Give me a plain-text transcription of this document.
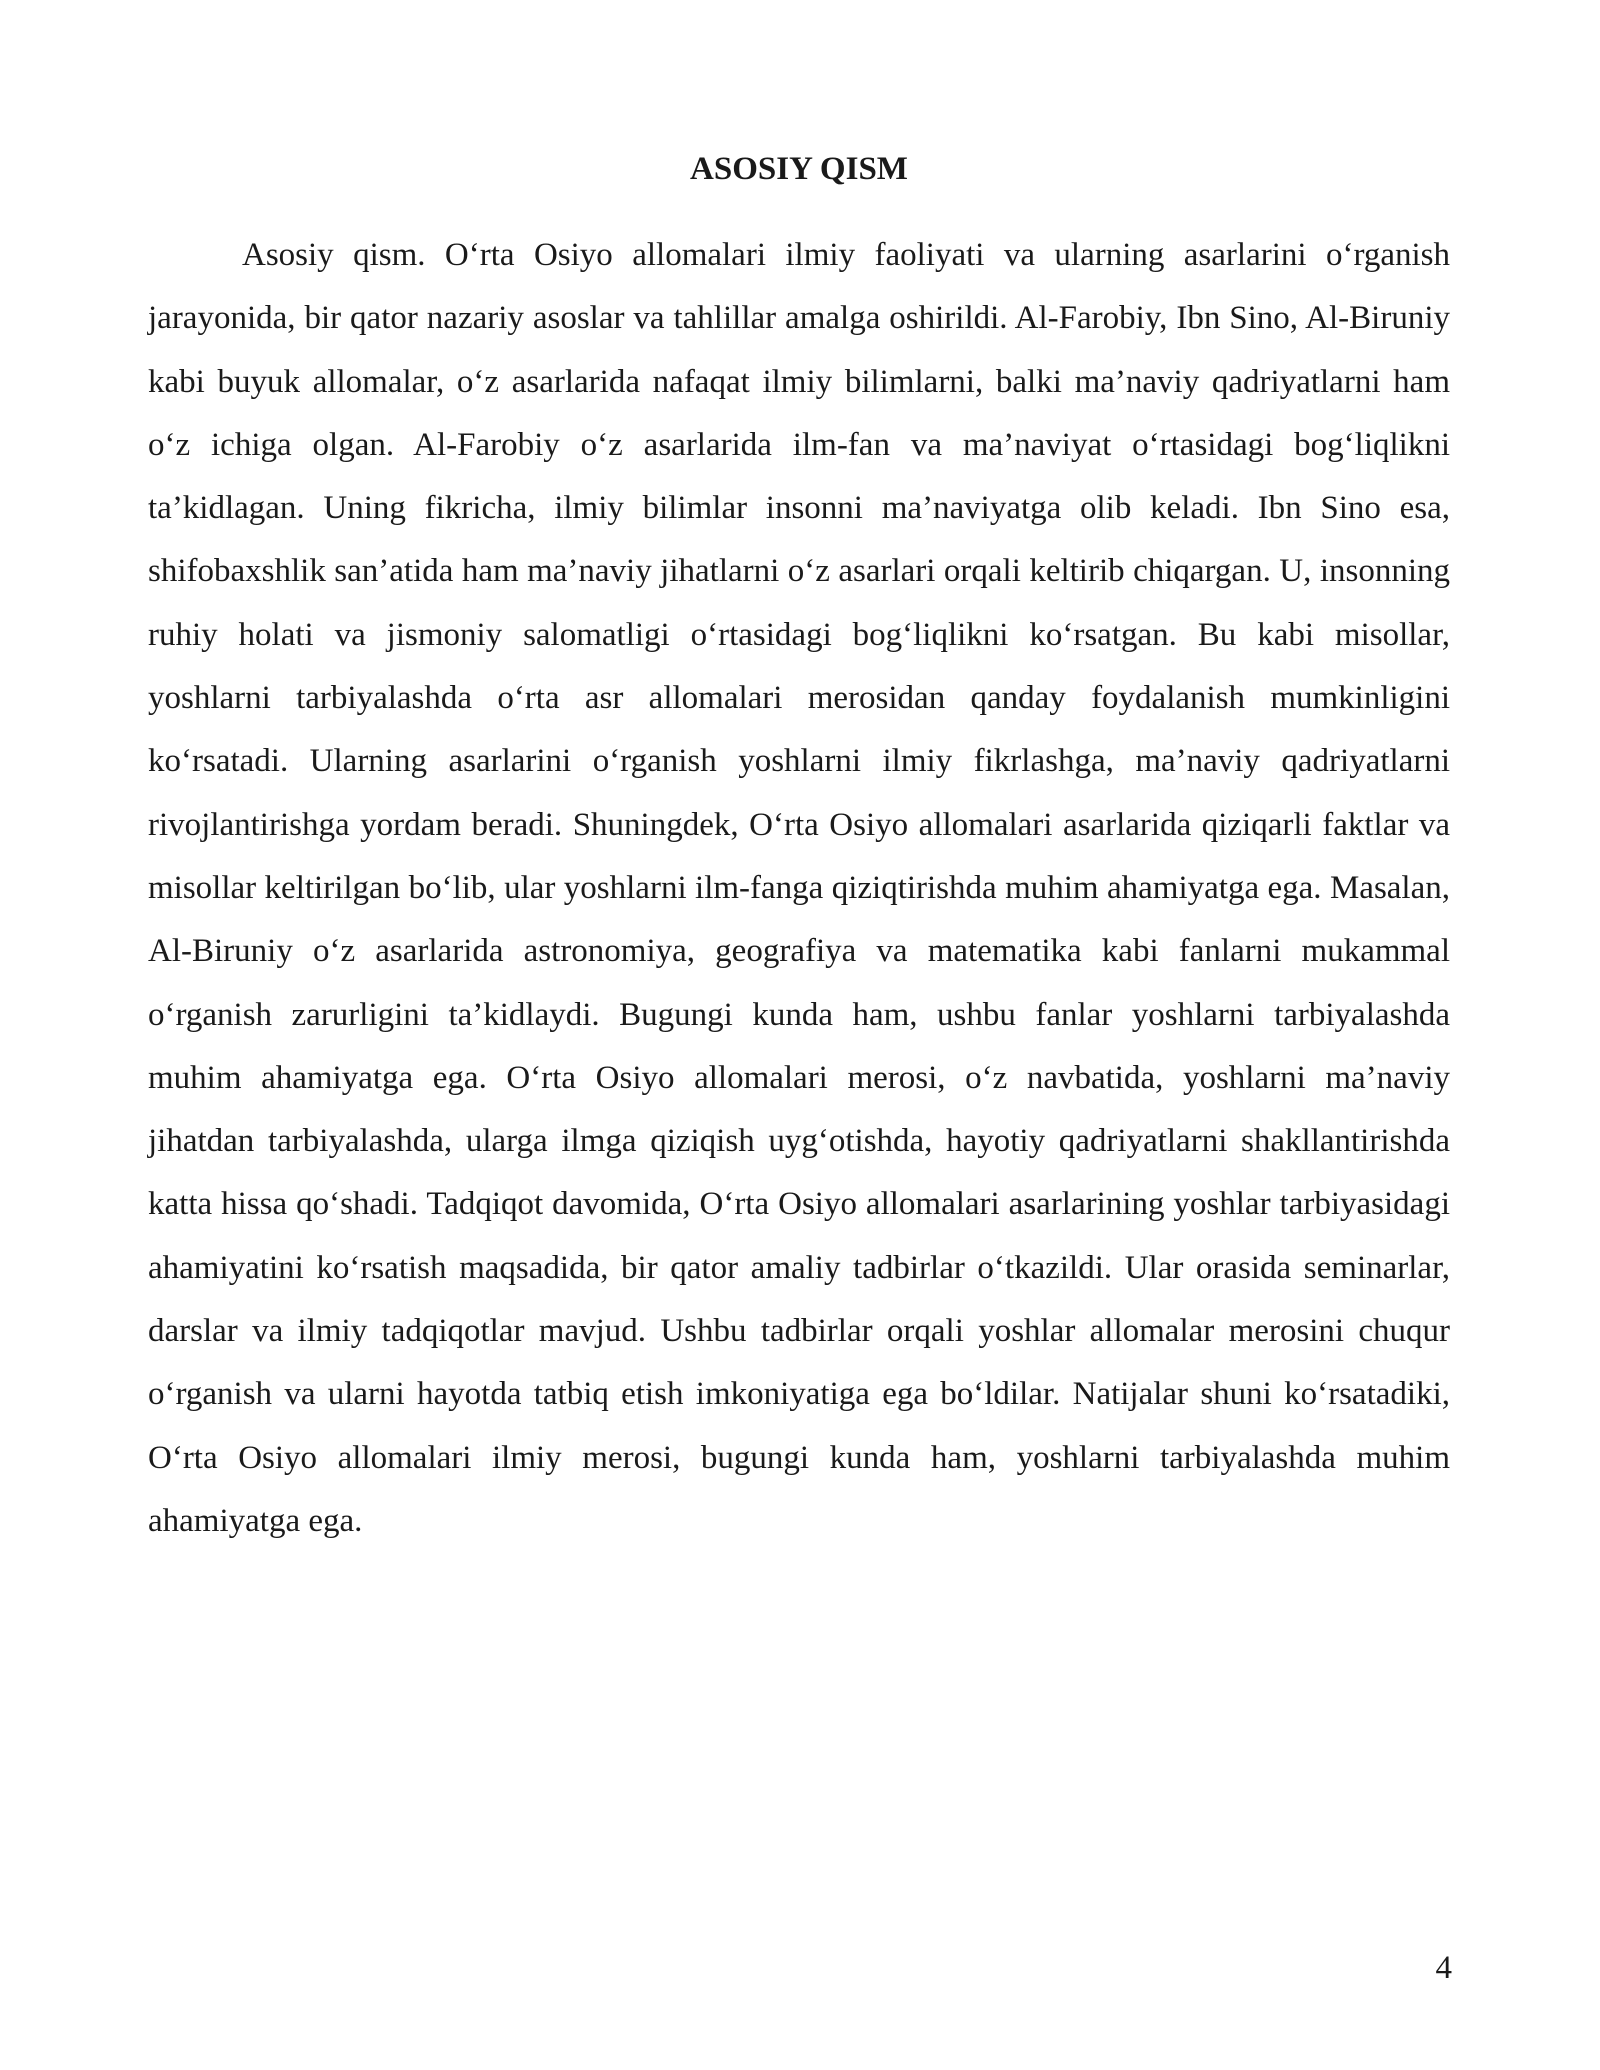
ASOSIY QISM

Asosiy qism. O‘rta Osiyo allomalari ilmiy faoliyati va ularning asarlarini o‘rganish jarayonida, bir qator nazariy asoslar va tahlillar amalga oshirildi. Al-Farobiy, Ibn Sino, Al-Biruniy kabi buyuk allomalar, o‘z asarlarida nafaqat ilmiy bilimlarni, balki ma’naviy qadriyatlarni ham o‘z ichiga olgan. Al-Farobiy o‘z asarlarida ilm-fan va ma’naviyat o‘rtasidagi bog‘liqlikni ta’kidlagan. Uning fikricha, ilmiy bilimlar insonni ma’naviyatga olib keladi. Ibn Sino esa, shifobaxshlik san’atida ham ma’naviy jihatlarni o‘z asarlari orqali keltirib chiqargan. U, insonning ruhiy holati va jismoniy salomatligi o‘rtasidagi bog‘liqlikni ko‘rsatgan. Bu kabi misollar, yoshlarni tarbiyalashda o‘rta asr allomalari merosidan qanday foydalanish mumkinligini ko‘rsatadi. Ularning asarlarini o‘rganish yoshlarni ilmiy fikrlashga, ma’naviy qadriyatlarni rivojlantirishga yordam beradi. Shuningdek, O‘rta Osiyo allomalari asarlarida qiziqarli faktlar va misollar keltirilgan bo‘lib, ular yoshlarni ilm-fanga qiziqtirishda muhim ahamiyatga ega. Masalan, Al-Biruniy o‘z asarlarida astronomiya, geografiya va matematika kabi fanlarni mukammal o‘rganish zarurligini ta’kidlaydi. Bugungi kunda ham, ushbu fanlar yoshlarni tarbiyalashda muhim ahamiyatga ega. O‘rta Osiyo allomalari merosi, o‘z navbatida, yoshlarni ma’naviy jihatdan tarbiyalashda, ularga ilmga qiziqish uyg‘otishda, hayotiy qadriyatlarni shakllantirishda katta hissa qo‘shadi. Tadqiqot davomida, O‘rta Osiyo allomalari asarlarining yoshlar tarbiyasidagi ahamiyatini ko‘rsatish maqsadida, bir qator amaliy tadbirlar o‘tkazildi. Ular orasida seminarlar, darslar va ilmiy tadqiqotlar mavjud. Ushbu tadbirlar orqali yoshlar allomalar merosini chuqur o‘rganish va ularni hayotda tatbiq etish imkoniyatiga ega bo‘ldilar. Natijalar shuni ko‘rsatadiki, O‘rta Osiyo allomalari ilmiy merosi, bugungi kunda ham, yoshlarni tarbiyalashda muhim ahamiyatga ega.

4
